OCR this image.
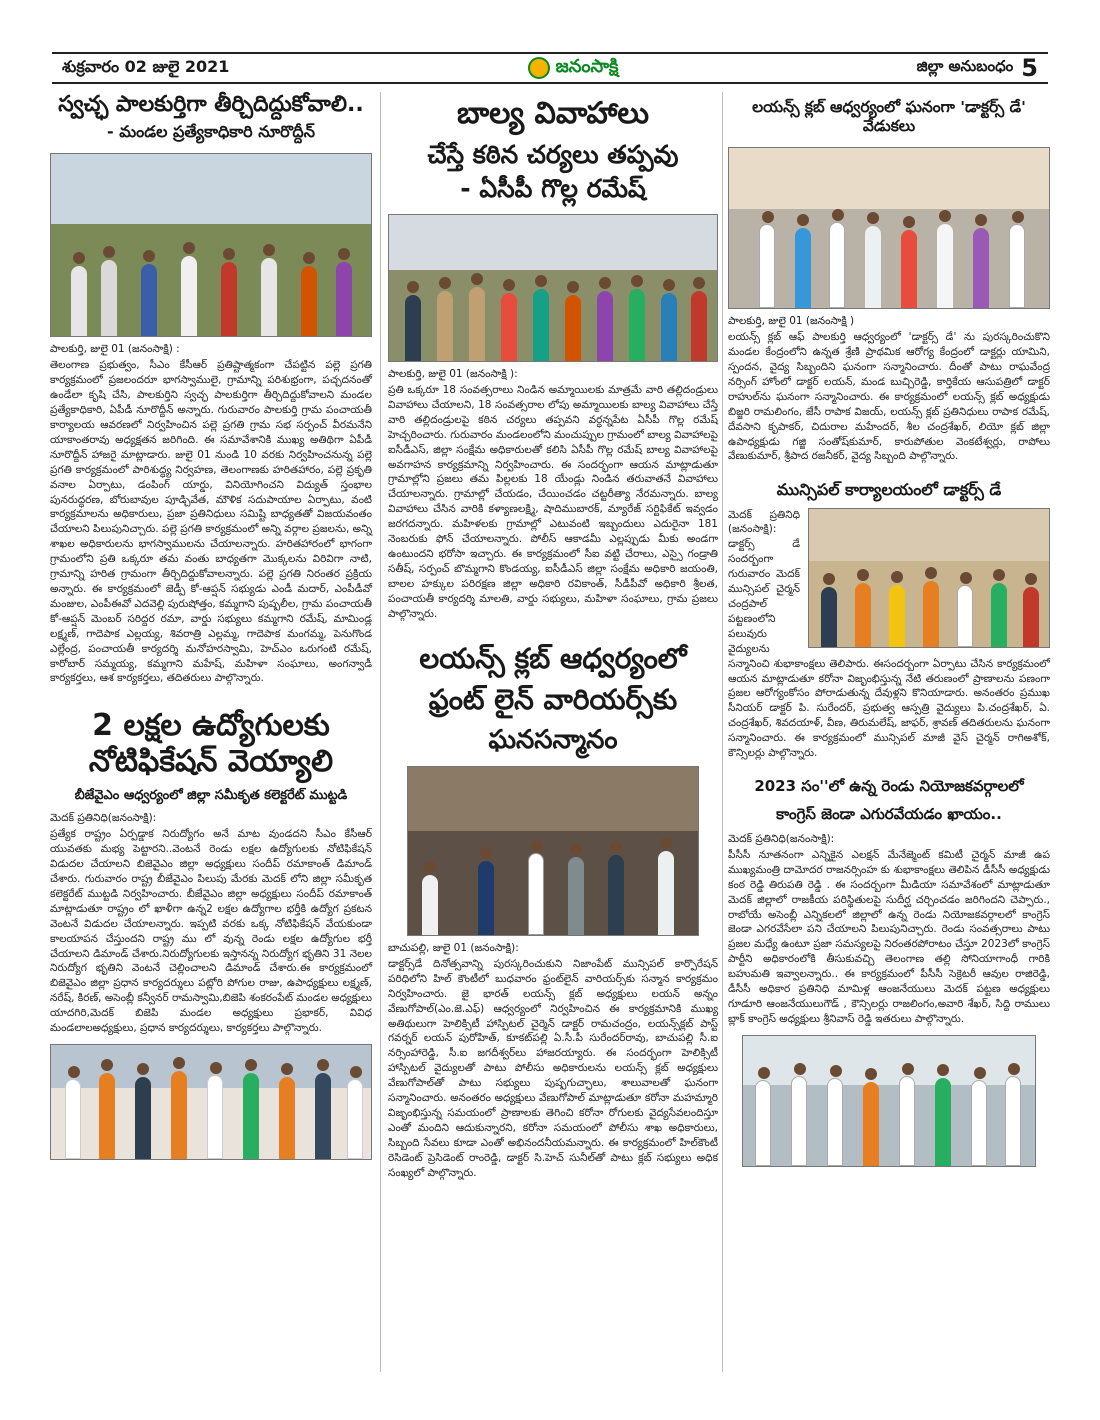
శుక్రవారం 02 జులై 2021	జనంసాక్షి	జిల్లా అనుబంధం 5
స్వచ్ఛ పాలకుర్తిగా తీర్చిదిద్దుకోవాలి..
- మండల ప్రత్యేకాధికారి నూరొద్దీన్
పాలకుర్తి, జులై 01 (జనంసాక్షి) :

తెలంగాణ ప్రభుత్వం, సీఎం కేసీఆర్ ప్రతిష్టాత్మకంగా చేపట్టిన పల్లె ప్రగతి కార్యక్రమంలో ప్రజలందరూ భాగస్వాములై, గ్రామాన్ని పరిశుభ్రంగా, పచ్చదనంతో ఉండేలా కృషి చేసి, పాలకుర్తిని స్వచ్ఛ పాలకుర్తిగా తీర్చిదిద్దుకోవాలని మండల ప్రత్యేకాధికారి, ఏపీడీ నూరొద్దీన్ అన్నారు. గురువారం పాలకుర్తి గ్రామ పంచాయతీ కార్యాలయ ఆవరణలో నిర్వహించిన పల్లె ప్రగతి గ్రామ సభ సర్పంచ్ వీరమనేని యాకాంతరావు అధ్యక్షతన జరిగింది. ఈ సమావేశానికి ముఖ్య అతిథిగా ఏపీడీ నూరొద్దీన్ హాజరై మాట్లాడారు. జులై 01 నుండి 10 వరకు నిర్వహించనున్న పల్లె ప్రగతి కార్యక్రమంలో పారిశుద్ధ్య నిర్వహణ, తెలంగాణకు హరితహారం, పల్లె ప్రకృతి వనాల ఏర్పాటు, డంపింగ్ యార్డు, వినియోగించని విద్యుత్ స్తంభాల పునరుద్ధరణ, బోరుబావుల పూడ్చివేత, మౌళిక సదుపాయాల ఏర్పాటు, వంటి కార్యక్రమాలను అధికారులు, ప్రజా ప్రతినిధులు సమిష్టి బాధ్యతతో విజయవంతం చేయాలని పిలుపునిచ్చారు. పల్లె ప్రగతి కార్యక్రమంలో అన్ని వర్గాల ప్రజలను, అన్ని శాఖల అధికారులను భాగస్వాములను చేయాలన్నారు. హరితహారంలో భాగంగా గ్రామంలోని ప్రతి ఒక్కరూ తమ వంతు బాధ్యతగా మొక్కలను విరివిగా నాటి, గ్రామాన్ని హరిత గ్రామంగా తీర్చిదిద్దుకోవాలన్నారు. పల్లె ప్రగతి నిరంతర ప్రక్రియ అన్నారు. ఈ కార్యక్రమంలో జెడ్పీ కో-ఆప్షన్ సభ్యుడు ఎండీ మదార్, ఎంపీడీవో మంజుల, ఎంపీఈవో ఎదవెల్లి పురుషోత్తం, కమ్మగాని పుష్పలీల, గ్రామ పంచాయతీ కో-ఆప్షన్ మెంబర్ సరిద్దర రమా, వార్డు సభ్యులు కమ్మగాని రమేష్, మామిండ్ల లక్ష్మణ్, గాదెపాక ఎల్లయ్య, శివరాత్రి ఎల్లమ్మ, గాదెపాక మంగమ్మ, పెనుగొండ ఎల్లేంద్ర, పంచాయతీ కార్యదర్శి మనోహరస్వామి, హెచ్ఎం ఒరుగంటి రమేష్, కారోబార్ సమ్మయ్య, కమ్మగాని మహేష్, మహిళా సంఘాలు, అంగన్వాడీ కార్యకర్తలు, ఆశ కార్యకర్తలు, తదితరులు పాల్గొన్నారు.

2 లక్షల ఉద్యోగులకు
నోటిఫికేషన్ వెయ్యాలి
బీజేవైఎం ఆధ్వర్యంలో జిల్లా సమీకృత కలెక్టరేట్ ముట్టడి
మెదక్ ప్రతినిధి(జనంసాక్షి):

ప్రత్యేక రాష్ట్రం ఏర్పడ్డాక నిరుద్యోగం అనే మాట వుండదని సీఎం కేసీఆర్ యువతకు మభ్య పెట్టారని..వెంటనే రెండు లక్షల ఉద్యోగులకు నోటిఫికేషన్ విడుదల చేయాలని బిజెవైఎం జిల్లా అధ్యక్షులు సందీప్ రమాకాంత్ డిమాండ్ చేశారు. గురువారం రాష్ట్ర బీజేవైఎం పిలుపు మేరకు మెదక్ లోని జిల్లా సమీకృత కలెక్టరేట్ ముట్టడి నిర్వహించారు. బీజేవైఎం జిల్లా అధ్యక్షులు సందీప్ రమాకాంత్ మాట్లాడుతూ రాష్ట్రం లో ఖాళీగా ఉన్న2 లక్షల ఉద్యోగాల భర్తీకి ఉద్యోగ ప్రకటన వెంటనే విడుదల చేయాలన్నారు. ఇప్పటి వరకు ఒక్క నోటిఫికేషన్ వేయకుండా కాలయాపన చేస్తుందని రాష్ట్ర ము లో వున్న రెండు లక్షల ఉద్యోగుల భర్తీ చేయాలని డిమాండ్ చేశారు.నిరుద్యోగులకు ఇస్తానన్న నిరుద్యోగ భృతిని 31 నెలల నిరుద్యోగ భృతిని వెంటనే చెల్లించాలని డిమాండ్ చేశారు.ఈ కార్యక్రమంలో బిజెవైఎం జిల్లా ప్రధాన కార్యదర్శులు పట్లోరి పోగుల రాజు, ఉపాధ్యక్షులు లక్ష్మణ్, నరేష్, కిరణ్, అసెంబ్లీ కన్వీనర్ రామస్వామి,బిజెపి శంకరంపేట్ మండల అధ్యక్షులు యాదగిరి,మెదక్ బిజెపి మండల అధ్యక్షులు ప్రభాకర్, వివిధ మండలాలఅధ్యక్షులు, ప్రధాన కార్యదర్శులు, కార్యకర్తలు పాల్గొన్నారు.

బాల్య వివాహాలు
చేస్తే కఠిన చర్యలు తప్పవు
- ఏసీపీ గొల్ల రమేష్
పాలకుర్తి, జులై 01 (జనంసాక్షి ):

ప్రతి ఒక్కరూ 18 సంవత్సరాలు నిండిన అమ్మాయిలకు మాత్రమే వారి తల్లిదండ్రులు వివాహాలు చేయాలని, 18 సంవత్సరాల లోపు అమ్మాయిలకు బాల్య వివాహాలు చేస్తే వారి తల్లిదండ్రులపై కఠిన చర్యలు తప్పవని వర్ధన్నపేట ఏసీపీ గొల్ల రమేష్ హెచ్చరించారు. గురువారం మండలంలోని మంచుప్పుల గ్రామంలో బాల్య వివాహాలపై ఐసీడీఎస్, జిల్లా సంక్షేమ అధికారులతో కలిసి ఏసీపీ గొల్ల రమేష్ బాల్య వివాహాలపై అవగాహన కార్యక్రమాన్ని నిర్వహించారు. ఈ సందర్భంగా ఆయన మాట్లాడుతూ గ్రామాల్లోని ప్రజలు తమ పిల్లలకు 18 యేండ్లు నిండిన తరువాతనే వివాహాలు చేయాలన్నారు. గ్రామాల్లో చేయడం, చేయించడం చట్టరీత్యా నేరమన్నారు. బాల్య వివాహాలు చేసిన వారికి కళ్యాణలక్ష్మి, షాదిముబారక్, మ్యారేజ్ సర్టిఫికేట్ ఇవ్వడం జరగదన్నారు. మహిళలకు గ్రామాల్లో ఎటువంటి ఇబ్బందులు ఎదురైనా 181 నెంబరుకు ఫోన్ చేయాలన్నారు. పోలీస్ ఆకాడమీ ఎల్లప్పుడు మీకు అండగా ఉంటుందని భరోసా ఇచ్చారు. ఈ కార్యక్రమంలో సీఐ వట్టి చేరాలు, ఎస్సై గండ్రాతి సతీష్, సర్పంచ్ బొమ్మగాని కొండయ్య, ఐసీడీఎస్ జిల్లా సంక్షేమ అధికారి జయంతి, బాలల హక్కుల పరిరక్షణ జిల్లా అధికారి రవికాంత్, సీడీపీవో అధికారి శ్రీలత, పంచాయతీ కార్యదర్శి మాలతి, వార్డు సభ్యులు, మహిళా సంఘాలు, గ్రామ ప్రజలు పాల్గొన్నారు.

లయన్స్ క్లబ్ ఆధ్వర్యంలో
ఫ్రంట్ లైన్ వారియర్స్‌కు
ఘనసన్మానం
బాచుపల్లి, జులై 01 (జనంసాక్షి):

డాక్టర్స్‌డే దినోత్సవాన్ని పురస్కరించుకుని నిజాంపేట్ మున్సిపల్ కార్పొరేషన్ పరిధిలోని హిల్ కౌంటీలో బుధవారం ఫ్రంట్‌లైన్ వారియర్స్‌కు సన్మాన కార్యక్రమం నిర్వహించారు. జై భారత్ లయన్స్ క్లబ్ అధ్యక్షులు లయన్ అన్నం వేణుగోపాల్(ఎం.జె.ఎఫ్) ఆధ్వర్యంలో నిర్వహించిన ఈ కార్యక్రమానికి ముఖ్య అతిథులుగా హెలిక్సిటీ హాస్పిటల్ చైర్మెన్ డాక్టర్ రామచంద్రం, లయన్స్‌క్లబ్ పాస్ట్ గవర్నర్ లయన్ పురోహిత్, కూకట్‌పల్లి ఏ.సీ.పీ సురేందర్‌రావు, బాచుపల్లి సీ.ఐ నర్సింహారెడ్డి, సీ.ఐ జగదీశ్వర్‌లు హాజరయ్యారు. ఈ సందర్భంగా హెలిక్సిటీ హాస్పిటల్ వైద్యులతో పాటు పోలీసు అధికారులను లయన్స్ క్లబ్ అధ్యక్షులు వేణుగోపాల్‌తో పాటు సభ్యులు పుష్పగుచ్ఛాలు, శాలువాలతో ఘనంగా సన్మానించారు. అనంతరం అధ్యక్షులు వేణుగోపాల్ మాట్లాడుతూ కరోనా మహమ్మారి విజృంభిస్తున్న సమయంలో ప్రాణాలకు తెగించి కరోనా రోగులకు వైద్యసేవలందిస్తూ ఎంతో మందిని ఆదుకున్నారని, కరోనా సమయంలో పోలీసు శాఖ అధికారులు, సిబ్బంది సేవలు కూడా ఎంతో అభినందనీయమన్నారు. ఈ కార్యక్రమంలో హిల్‌కౌంటీ రెసిడెంట్ ప్రెసిడెంట్ రాంరెడ్డి, డాక్టర్ సి.హెచ్ సునీల్‌తో పాటు క్లబ్ సభ్యులు అధిక సంఖ్యలో పాల్గొన్నారు.

లయన్స్ క్లబ్ ఆధ్వర్యంలో ఘనంగా 'డాక్టర్స్ డే' వేడుకలు
పాలకుర్తి, జులై 01 (జనంసాక్షి )

లయన్స్ క్లబ్ ఆఫ్ పాలకుర్తి ఆధ్వర్యంలో 'డాక్టర్స్ డే' ను పురస్కరించుకొని మండల కేంద్రంలోని ఉన్నత శ్రేణి ప్రాథమిక ఆరోగ్య కేంద్రంలో డాక్టర్లు యామిని, స్పందన, వైద్య సిబ్బందిని ఘనంగా సన్మానించారు. దీంతో పాటు రాఘవేంద్ర నర్సింగ్ హోంలో డాక్టర్ లయన్, మండ బుచ్చిరెడ్డి, కార్తికేయ ఆసుపత్రిలో డాక్టర్ రాహుల్‌ను ఘనంగా సన్మానించారు. ఈ కార్యక్రమంలో లయన్స్ క్లబ్ అధ్యక్షుడు బిజ్జరి రామలింగం, జేసీ రాపాక విజయ్, లయన్స్ క్లబ్ ప్రతినిధులు రాపాక రమేష్, దేవసాని కృపాకర్, చిదురాల మహేందర్, శీల చంద్రశేఖర్, లియో క్లబ్ జిల్లా ఉపాధ్యక్షుడు గజ్జి సంతోష్‌కుమార్, కారుపోతుల వెంకటేశ్వర్లు, రాపోలు వేణుకుమార్, శ్రీపాద రజనీకర్, వైద్య సిబ్బంది పాల్గొన్నారు.

మున్సిపల్ కార్యాలయంలో డాక్టర్స్ డే

మెదక్ ప్రతినిధి (జనంసాక్షి): డాక్టర్స్ డే సందర్బంగా గురువారం మెదక్ మున్సిపల్ చైర్మన్ చంద్రపాల్ పట్టణంలోని పలువురు వైద్యులను

సన్మానించి శుభాకాంక్షలు తెలిపారు. ఈసందర్బంగా ఏర్పాటు చేసిన కార్యక్రమంలో ఆయన మాట్లాడుతూ కరోనా విజృంభిస్తున్న నేటి తరుణంలో ప్రాణాలను పణంగా ప్రజల ఆరోగ్యంకోసం పోరాడుతున్న దేవుళ్లని కొనియాడారు. అనంతరం ప్రముఖ సీనియర్ డాక్టర్ పి. సురేందర్, ప్రభుత్వ ఆస్పత్రి వైద్యులు పి.చంద్రశేఖర్, ఏ. చంద్రశేఖర్, శివదయాళ్, వీణ, తిరుమలేష్, జాఫర్, శ్రావణ్ తదితరులను ఘనంగా సన్మానించారు. ఈ కార్యక్రమంలో మున్సిపల్ మాజీ వైస్ చైర్మన్ రాగిఅశోక్, కౌన్సిలర్లు పాల్గొన్నారు.

2023 సం''లో ఉన్న రెండు నియోజకవర్గాలలో
కాంగ్రెస్ జెండా ఎగురవేయడం ఖాయం..
మెదక్ ప్రతినిధి(జనంసాక్షి):

పీసీసీ నూతనంగా ఎన్నికైన ఎలక్షన్ మేనేజ్మెంట్ కమిటీ చైర్మన్ మాజీ ఉప ముఖ్యమంత్రి దామోదర రాజనర్సింహ కు శుభాకాంక్షలు తెలిపిన డీసీసీ అధ్యక్షుడు కంఠ రెడ్డి తిరుపతి రెడ్డి . ఈ సందర్బంగా మీడియా సమావేశంలో మాట్లాడుతూ మెదక్ జిల్లాలో రాజకీయ పరిస్థితులపై సుదీర్ఘ చర్చించడం జరిగిందని చెప్పారు., రాబోయే అసెంబ్లీ ఎన్నికలలో జిల్లాలో ఉన్న రెండు నియోజకవర్గాలలో కాంగ్రెస్ జెండా ఎగరవేసేలా పని చేయాలని పిలుపునిచ్చారు. రెండు సంవత్సరాలు పాటు ప్రజల మధ్యే ఉంటూ ప్రజా సమస్యలపై నిరంతరపోరాటం చేస్తూ 2023లో కాంగ్రెస్ పార్టీని అధికారంలోకి తీసుకువచ్చి తెలంగాణ తల్లి సోనియాగాంధీ గారికి బహుమతి ఇవ్వాలన్నారు.. ఈ కార్యక్రమంలో పీసీసీ సెక్రెటరీ ఆవుల రాజిరెడ్డి, డీసీసీ అధికార ప్రతినిధి మామిళ్ల ఆంజనేయులు మెదక్ పట్టణ అధ్యక్షులు గూడూరి ఆంజనేయులుగౌడ్ , కౌన్సిలర్లు రాజలింగం,అవారి శేఖర్, సిద్ది రాములు బ్లాక్ కాంగ్రెస్ అధ్యక్షులు శ్రీనివాస్ రెడ్డి ఇతరులు పాల్గొన్నారు.
